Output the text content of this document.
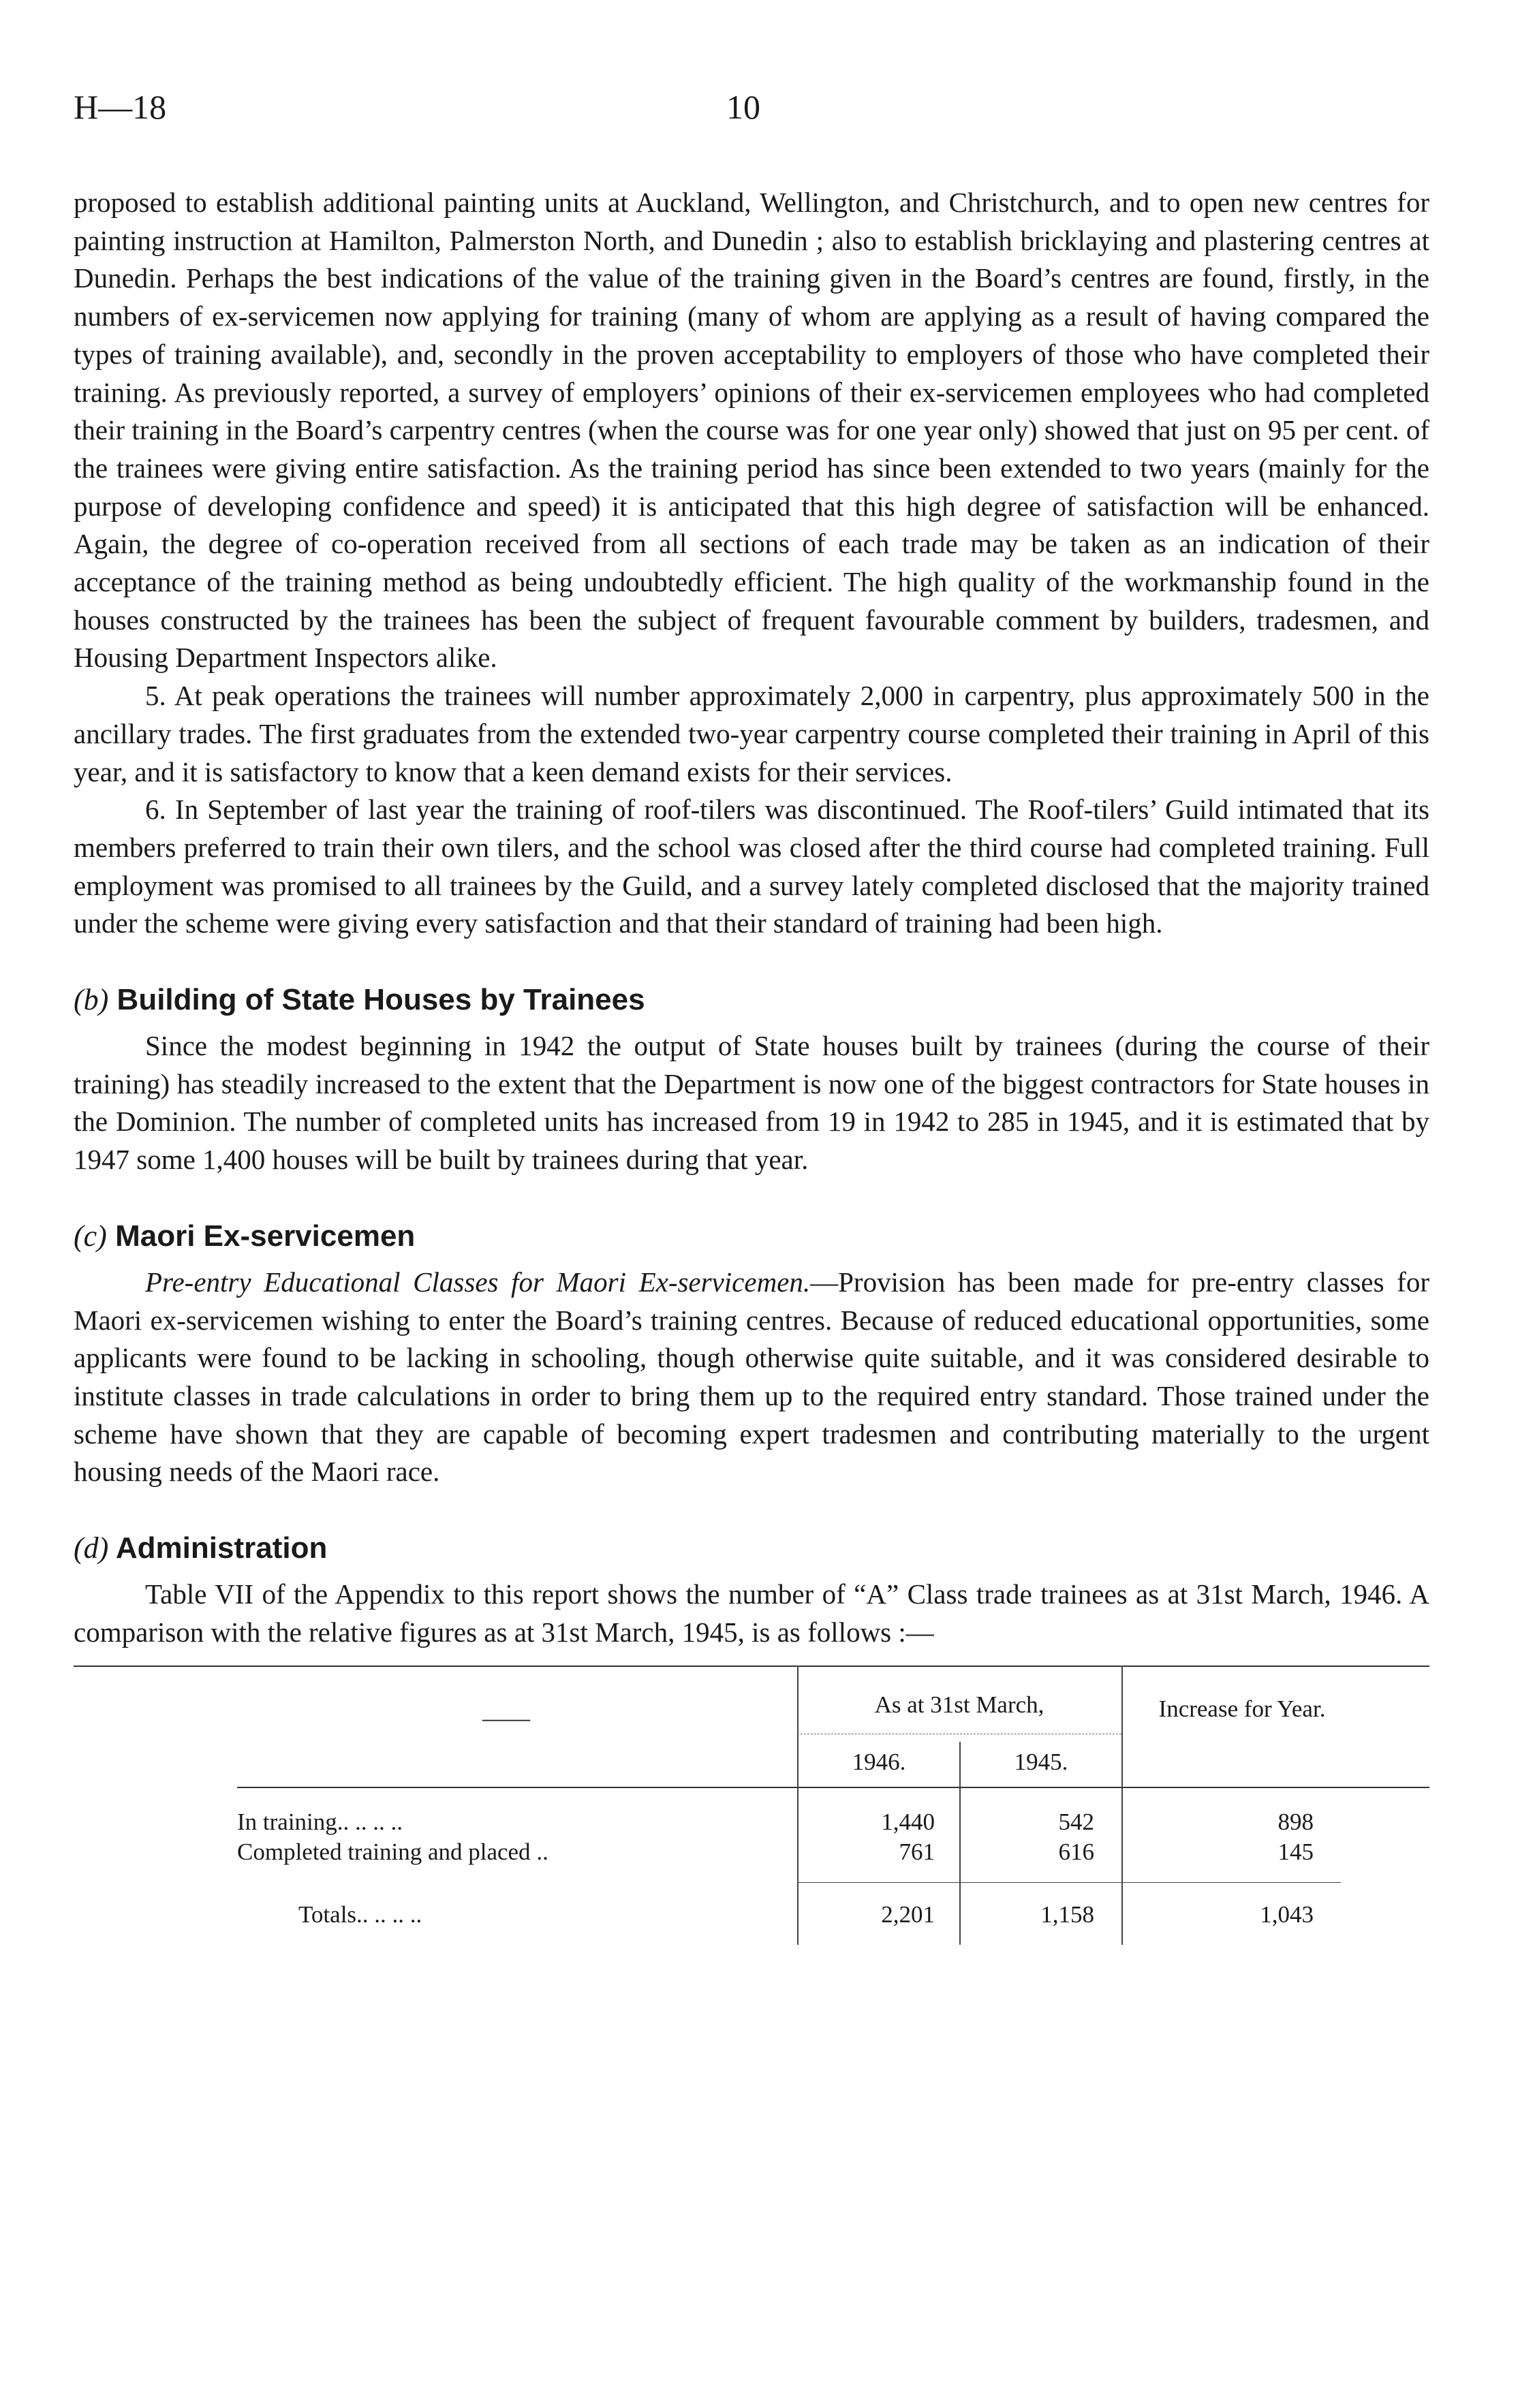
H—18	10

proposed to establish additional painting units at Auckland, Wellington, and Christchurch, and to open new centres for painting instruction at Hamilton, Palmerston North, and Dunedin ; also to establish bricklaying and plastering centres at Dunedin. Perhaps the best indications of the value of the training given in the Board’s centres are found, firstly, in the numbers of ex-servicemen now applying for training (many of whom are applying as a result of having compared the types of training available), and, secondly in the proven acceptability to employers of those who have completed their training. As previously reported, a survey of employers’ opinions of their ex-servicemen employees who had completed their training in the Board’s carpentry centres (when the course was for one year only) showed that just on 95 per cent. of the trainees were giving entire satisfaction. As the training period has since been extended to two years (mainly for the purpose of developing confidence and speed) it is anticipated that this high degree of satisfaction will be enhanced. Again, the degree of co-operation received from all sections of each trade may be taken as an indication of their acceptance of the training method as being undoubtedly efficient. The high quality of the workmanship found in the houses constructed by the trainees has been the subject of frequent favourable comment by builders, tradesmen, and Housing Department Inspectors alike.

5. At peak operations the trainees will number approximately 2,000 in carpentry, plus approximately 500 in the ancillary trades. The first graduates from the extended two-year carpentry course completed their training in April of this year, and it is satisfactory to know that a keen demand exists for their services.

6. In September of last year the training of roof-tilers was discontinued. The Roof-tilers’ Guild intimated that its members preferred to train their own tilers, and the school was closed after the third course had completed training. Full employment was promised to all trainees by the Guild, and a survey lately completed disclosed that the majority trained under the scheme were giving every satisfaction and that their standard of training had been high.

(b) Building of State Houses by Trainees

Since the modest beginning in 1942 the output of State houses built by trainees (during the course of their training) has steadily increased to the extent that the Department is now one of the biggest contractors for State houses in the Dominion. The number of completed units has increased from 19 in 1942 to 285 in 1945, and it is estimated that by 1947 some 1,400 houses will be built by trainees during that year.

(c) Maori Ex-servicemen

Pre-entry Educational Classes for Maori Ex-servicemen.—Provision has been made for pre-entry classes for Maori ex-servicemen wishing to enter the Board’s training centres. Because of reduced educational opportunities, some applicants were found to be lacking in schooling, though otherwise quite suitable, and it was considered desirable to institute classes in trade calculations in order to bring them up to the required entry standard. Those trained under the scheme have shown that they are capable of becoming expert tradesmen and contributing materially to the urgent housing needs of the Maori race.

(d) Administration

Table VII of the Appendix to this report shows the number of “A” Class trade trainees as at 31st March, 1946. A comparison with the relative figures as at 31st March, 1945, is as follows :—

——
As at 31st March,
1946.	1945.
Increase for Year.
In training.. .. .. ..	1,440	542	898
Completed training and placed ..	761	616	145
Totals.. .. .. ..	2,201	1,158	1,043
